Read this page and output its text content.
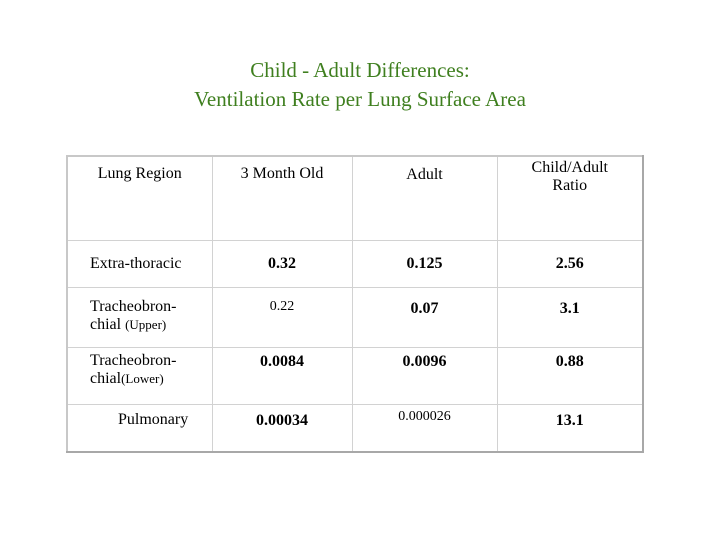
Child - Adult Differences:
Ventilation Rate per Lung Surface Area
Lung Region	3 Month Old	Adult	Child/Adult Ratio
Extra-thoracic	0.32	0.125	2.56
Tracheobron-
chial (Upper)	0.22	0.07	3.1
Tracheobron-
chial(Lower)	0.0084	0.0096	0.88
Pulmonary	0.00034	0.000026	13.1
